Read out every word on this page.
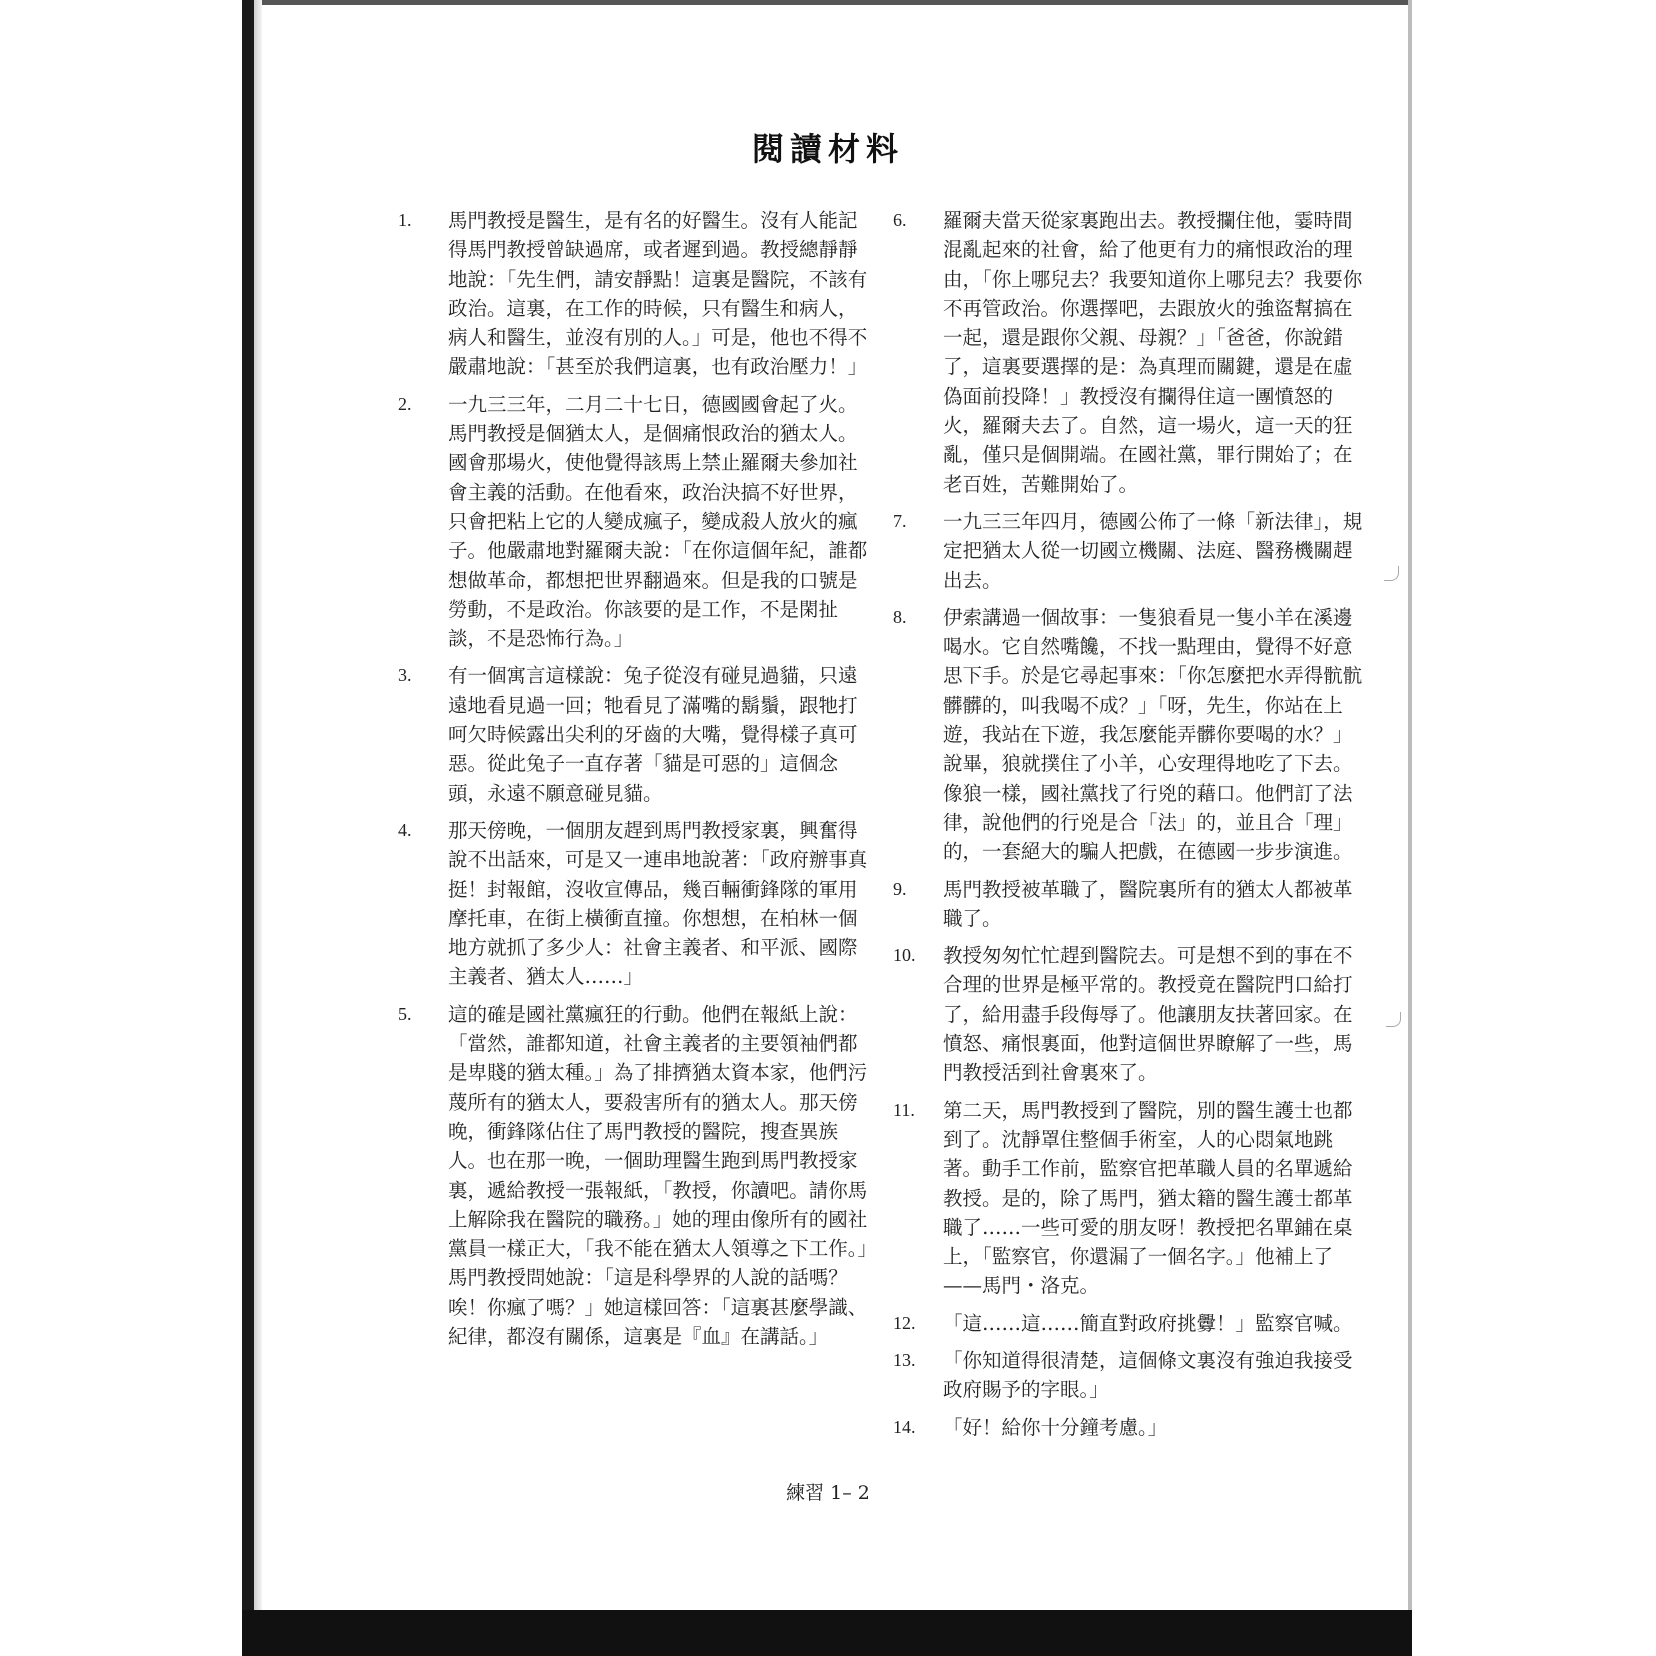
閱讀材料
1.	馬門教授是醫生，是有名的好醫生。沒有人能記得馬門教授曾缺過席，或者遲到過。教授總靜靜地說：「先生們，請安靜點！這裏是醫院，不該有政治。這裏，在工作的時候，只有醫生和病人，病人和醫生，並沒有別的人。」可是，他也不得不嚴肅地說：「甚至於我們這裏，也有政治壓力！」
2.	一九三三年，二月二十七日，德國國會起了火。馬門教授是個猶太人，是個痛恨政治的猶太人。國會那場火，使他覺得該馬上禁止羅爾夫參加社會主義的活動。在他看來，政治決搞不好世界，只會把粘上它的人變成瘋子，變成殺人放火的瘋子。他嚴肅地對羅爾夫說：「在你這個年紀，誰都想做革命，都想把世界翻過來。但是我的口號是勞動，不是政治。你該要的是工作，不是閑扯談，不是恐怖行為。」
3.	有一個寓言這樣說：兔子從沒有碰見過貓，只遠遠地看見過一回；牠看見了滿嘴的鬍鬚，跟牠打呵欠時候露出尖利的牙齒的大嘴，覺得樣子真可惡。從此兔子一直存著「貓是可惡的」這個念頭，永遠不願意碰見貓。
4.	那天傍晚，一個朋友趕到馬門教授家裏，興奮得說不出話來，可是又一連串地說著：「政府辦事真挺！封報館，沒收宣傳品，幾百輛衝鋒隊的軍用摩托車，在街上橫衝直撞。你想想，在柏林一個地方就抓了多少人：社會主義者、和平派、國際主義者、猶太人……」
5.	這的確是國社黨瘋狂的行動。他們在報紙上說：「當然，誰都知道，社會主義者的主要領袖們都是卑賤的猶太種。」為了排擠猶太資本家，他們污蔑所有的猶太人，要殺害所有的猶太人。那天傍晚，衝鋒隊佔住了馬門教授的醫院，搜查異族人。也在那一晚，一個助理醫生跑到馬門教授家裏，遞給教授一張報紙，「教授，你讀吧。請你馬上解除我在醫院的職務。」她的理由像所有的國社黨員一樣正大，「我不能在猶太人領導之下工作。」馬門教授問她說：「這是科學界的人說的話嗎？唉！你瘋了嗎？」她這樣回答：「這裏甚麼學識、紀律，都沒有關係，這裏是『血』在講話。」
6.	羅爾夫當天從家裏跑出去。教授攔住他，霎時間混亂起來的社會，給了他更有力的痛恨政治的理由，「你上哪兒去？我要知道你上哪兒去？我要你不再管政治。你選擇吧，去跟放火的強盜幫搞在一起，還是跟你父親、母親？」「爸爸，你說錯了，這裏要選擇的是：為真理而關鍵，還是在虛偽面前投降！」教授沒有攔得住這一團憤怒的火，羅爾夫去了。自然，這一場火，這一天的狂亂，僅只是個開端。在國社黨，罪行開始了；在老百姓，苦難開始了。
7.	一九三三年四月，德國公佈了一條「新法律」，規定把猶太人從一切國立機關、法庭、醫務機關趕出去。
8.	伊索講過一個故事：一隻狼看見一隻小羊在溪邊喝水。它自然嘴饞，不找一點理由，覺得不好意思下手。於是它尋起事來：「你怎麼把水弄得骯骯髒髒的，叫我喝不成？」「呀，先生，你站在上遊，我站在下遊，我怎麼能弄髒你要喝的水？」說畢，狼就撲住了小羊，心安理得地吃了下去。像狼一樣，國社黨找了行兇的藉口。他們訂了法律，說他們的行兇是合「法」的，並且合「理」的，一套絕大的騙人把戲，在德國一步步演進。
9.	馬門教授被革職了，醫院裏所有的猶太人都被革職了。
10.	教授匆匆忙忙趕到醫院去。可是想不到的事在不合理的世界是極平常的。教授竟在醫院門口給打了，給用盡手段侮辱了。他讓朋友扶著回家。在憤怒、痛恨裏面，他對這個世界瞭解了一些，馬門教授活到社會裏來了。
11.	第二天，馬門教授到了醫院，別的醫生護士也都到了。沈靜罩住整個手術室，人的心悶氣地跳著。動手工作前，監察官把革職人員的名單遞給教授。是的，除了馬門，猶太籍的醫生護士都革職了……一些可愛的朋友呀！教授把名單鋪在桌上，「監察官，你還漏了一個名字。」他補上了——馬門・洛克。
12.	「這……這……簡直對政府挑釁！」監察官喊。
13.	「你知道得很清楚，這個條文裏沒有強迫我接受政府賜予的字眼。」
14.	「好！給你十分鐘考慮。」
練習 1– 2
